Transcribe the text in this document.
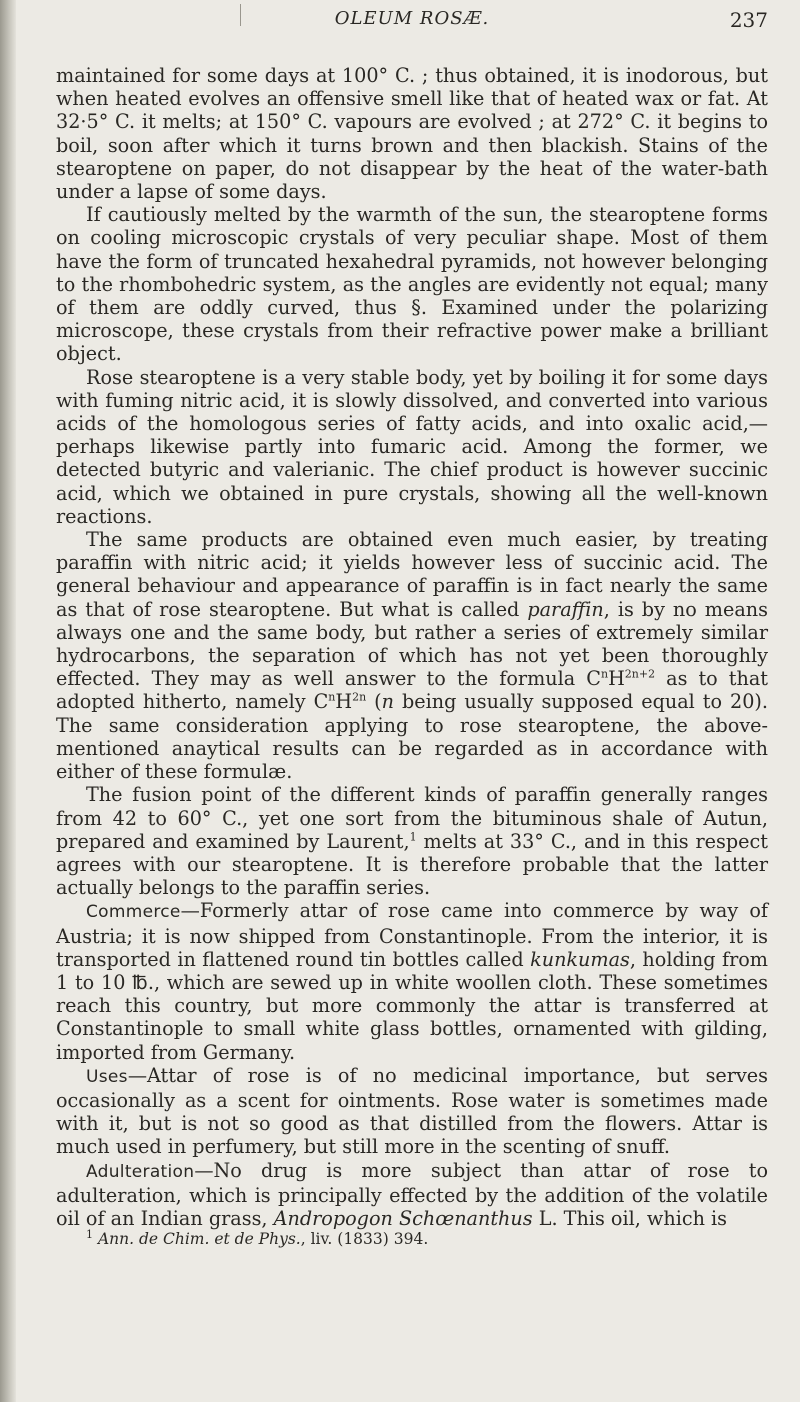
OLEUM ROSÆ.	237

maintained for some days at 100° C. ; thus obtained, it is inodorous, but when heated evolves an offensive smell like that of heated wax or fat. At 32·5° C. it melts; at 150° C. vapours are evolved ; at 272° C. it begins to boil, soon after which it turns brown and then blackish. Stains of the stearoptene on paper, do not disappear by the heat of the water-bath under a lapse of some days.

If cautiously melted by the warmth of the sun, the stearoptene forms on cooling microscopic crystals of very peculiar shape. Most of them have the form of truncated hexahedral pyramids, not however belonging to the rhombohedric system, as the angles are evidently not equal; many of them are oddly curved, thus §. Examined under the polarizing microscope, these crystals from their refractive power make a brilliant object.

Rose stearoptene is a very stable body, yet by boiling it for some days with fuming nitric acid, it is slowly dissolved, and converted into various acids of the homologous series of fatty acids, and into oxalic acid,—perhaps likewise partly into fumaric acid. Among the former, we detected butyric and valerianic. The chief product is however succinic acid, which we obtained in pure crystals, showing all the well-known reactions.

The same products are obtained even much easier, by treating paraffin with nitric acid; it yields however less of succinic acid. The general behaviour and appearance of paraffin is in fact nearly the same as that of rose stearoptene. But what is called paraffin, is by no means always one and the same body, but rather a series of extremely similar hydrocarbons, the separation of which has not yet been thoroughly effected. They may as well answer to the formula $C^nH^{2n+2}$ as to that adopted hitherto, namely $C^nH^{2n}$ (n being usually supposed equal to 20). The same consideration applying to rose stearoptene, the above-mentioned anaytical results can be regarded as in accordance with either of these formulæ.

The fusion point of the different kinds of paraffin generally ranges from 42 to 60° C., yet one sort from the bituminous shale of Autun, prepared and examined by Laurent,$^1$ melts at 33° C., and in this respect agrees with our stearoptene. It is therefore probable that the latter actually belongs to the paraffin series.

Commerce—Formerly attar of rose came into commerce by way of Austria; it is now shipped from Constantinople. From the interior, it is transported in flattened round tin bottles called kunkumas, holding from 1 to 10 ℔., which are sewed up in white woollen cloth. These sometimes reach this country, but more commonly the attar is transferred at Constantinople to small white glass bottles, ornamented with gilding, imported from Germany.

Uses—Attar of rose is of no medicinal importance, but serves occasionally as a scent for ointments. Rose water is sometimes made with it, but is not so good as that distilled from the flowers. Attar is much used in perfumery, but still more in the scenting of snuff.

Adulteration—No drug is more subject than attar of rose to adulteration, which is principally effected by the addition of the volatile oil of an Indian grass, Andropogon Schœnanthus L. This oil, which is

$^1$ Ann. de Chim. et de Phys., liv. (1833) 394.
